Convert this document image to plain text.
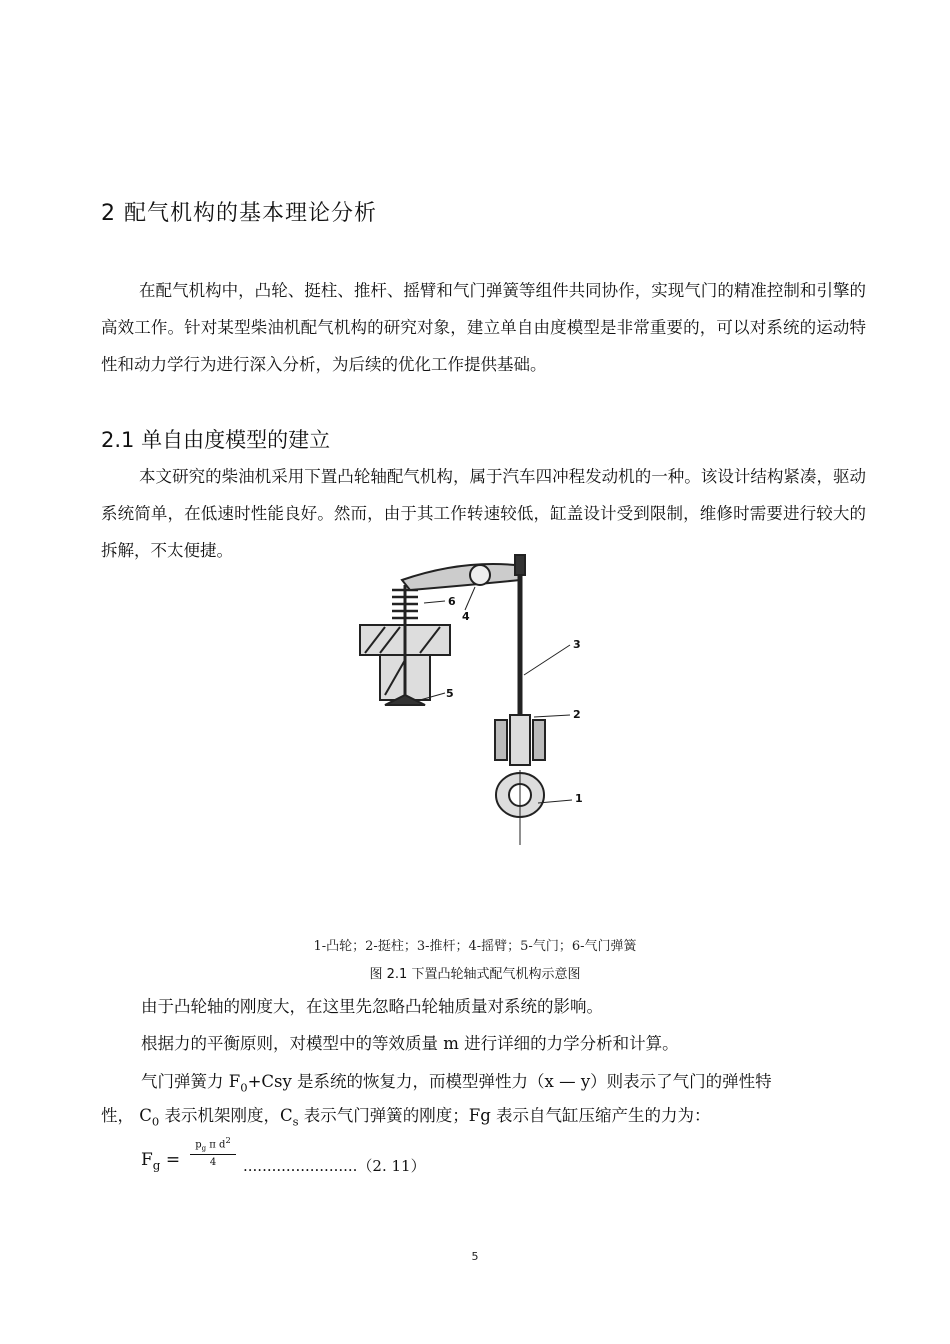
2 配气机构的基本理论分析

在配气机构中，凸轮、挺柱、推杆、摇臂和气门弹簧等组件共同协作，实现气门的精准控制和引擎的高效工作。针对某型柴油机配气机构的研究对象，建立单自由度模型是非常重要的，可以对系统的运动特性和动力学行为进行深入分析，为后续的优化工作提供基础。

2.1 单自由度模型的建立

本文研究的柴油机采用下置凸轮轴配气机构，属于汽车四冲程发动机的一种。该设计结构紧凑，驱动系统简单，在低速时性能良好。然而，由于其工作转速较低，缸盖设计受到限制，维修时需要进行较大的拆解，不太便捷。

1
2
3
4
5
6

1-凸轮；2-挺柱；3-推杆；4-摇臂；5-气门；6-气门弹簧

图 2.1 下置凸轮轴式配气机构示意图

由于凸轮轴的刚度大，在这里先忽略凸轮轴质量对系统的影响。

根据力的平衡原则，对模型中的等效质量 m 进行详细的力学分析和计算。

气门弹簧力 $F_0+Csy$ 是系统的恢复力，而模型弹性力（x — y）则表示了气门的弹性特

性， $C_0$ 表示机架刚度，$C_s$ 表示气门弹簧的刚度；Fg 表示自气缸压缩产生的力为：

$F_g = \frac{p_g \pi d^2}{4} ........................(2$. 11）
5
